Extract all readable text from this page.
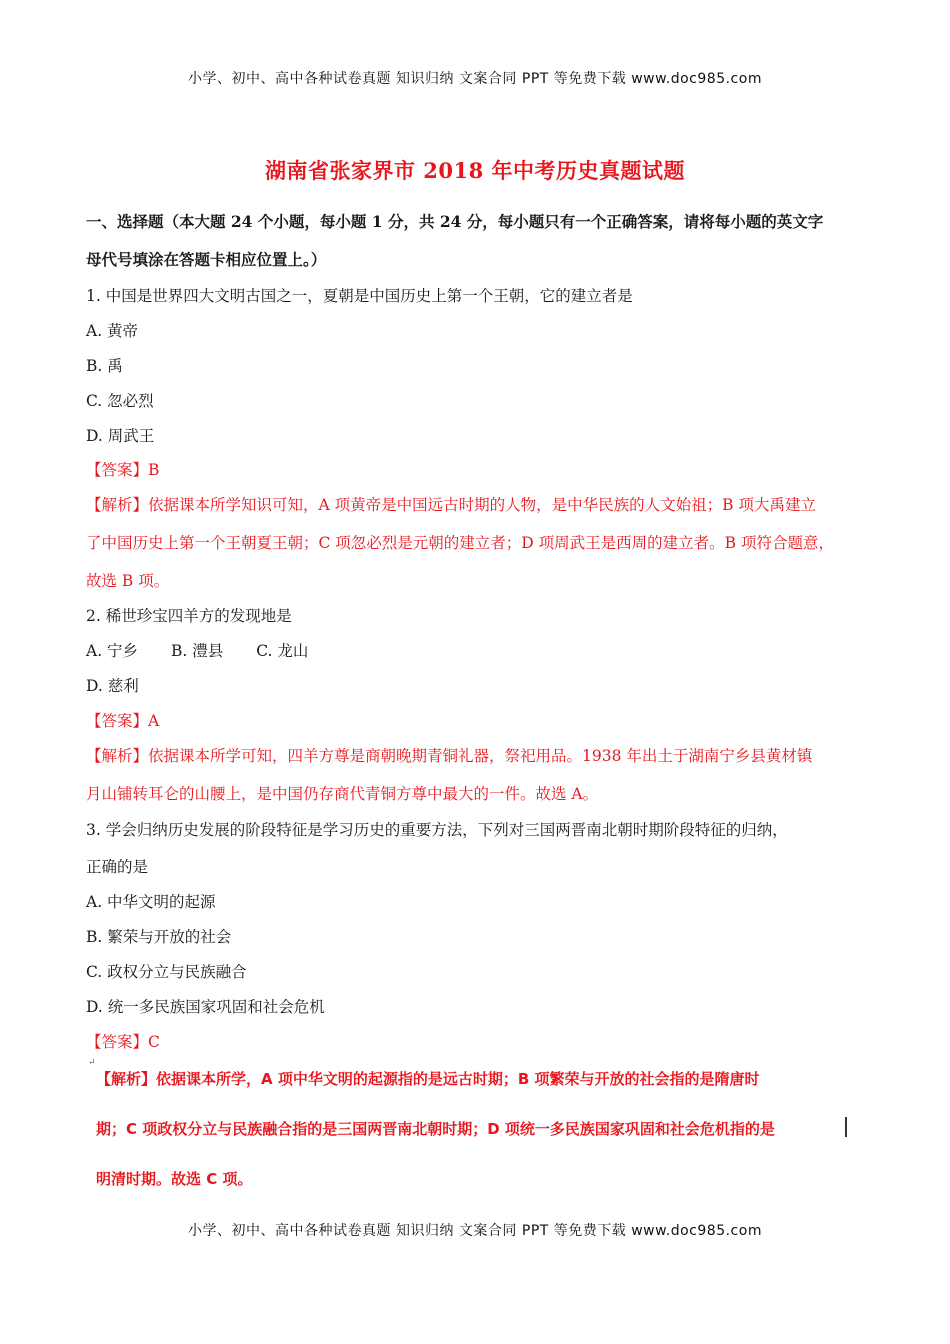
小学、初中、高中各种试卷真题 知识归纳 文案合同 PPT 等免费下载 www.doc985.com
湖南省张家界市 2018 年中考历史真题试题
一、选择题（本大题 24 个小题，每小题 1 分，共 24 分，每小题只有一个正确答案，请将每小题的英文字
母代号填涂在答题卡相应位置上。）
1. 中国是世界四大文明古国之一，夏朝是中国历史上第一个王朝，它的建立者是
A. 黄帝
B. 禹
C. 忽必烈
D. 周武王
【答案】B
【解析】依据课本所学知识可知，A 项黄帝是中国远古时期的人物，是中华民族的人文始祖；B 项大禹建立
了中国历史上第一个王朝夏王朝；C 项忽必烈是元朝的建立者；D 项周武王是西周的建立者。B 项符合题意，
故选 B 项。
2. 稀世珍宝四羊方的发现地是
A. 宁乡 B. 澧县 C. 龙山
D. 慈利
【答案】A
【解析】依据课本所学可知，四羊方尊是商朝晚期青铜礼器，祭祀用品。1938 年出土于湖南宁乡县黄材镇
月山铺转耳仑的山腰上，是中国仍存商代青铜方尊中最大的一件。故选 A。
3. 学会归纳历史发展的阶段特征是学习历史的重要方法，下列对三国两晋南北朝时期阶段特征的归纳，
正确的是
A. 中华文明的起源
B. 繁荣与开放的社会
C. 政权分立与民族融合
D. 统一多民族国家巩固和社会危机
【答案】C
↵
【解析】依据课本所学，A 项中华文明的起源指的是远古时期；B 项繁荣与开放的社会指的是隋唐时
期；C 项政权分立与民族融合指的是三国两晋南北朝时期；D 项统一多民族国家巩固和社会危机指的是
明清时期。故选 C 项。
小学、初中、高中各种试卷真题 知识归纳 文案合同 PPT 等免费下载 www.doc985.com
